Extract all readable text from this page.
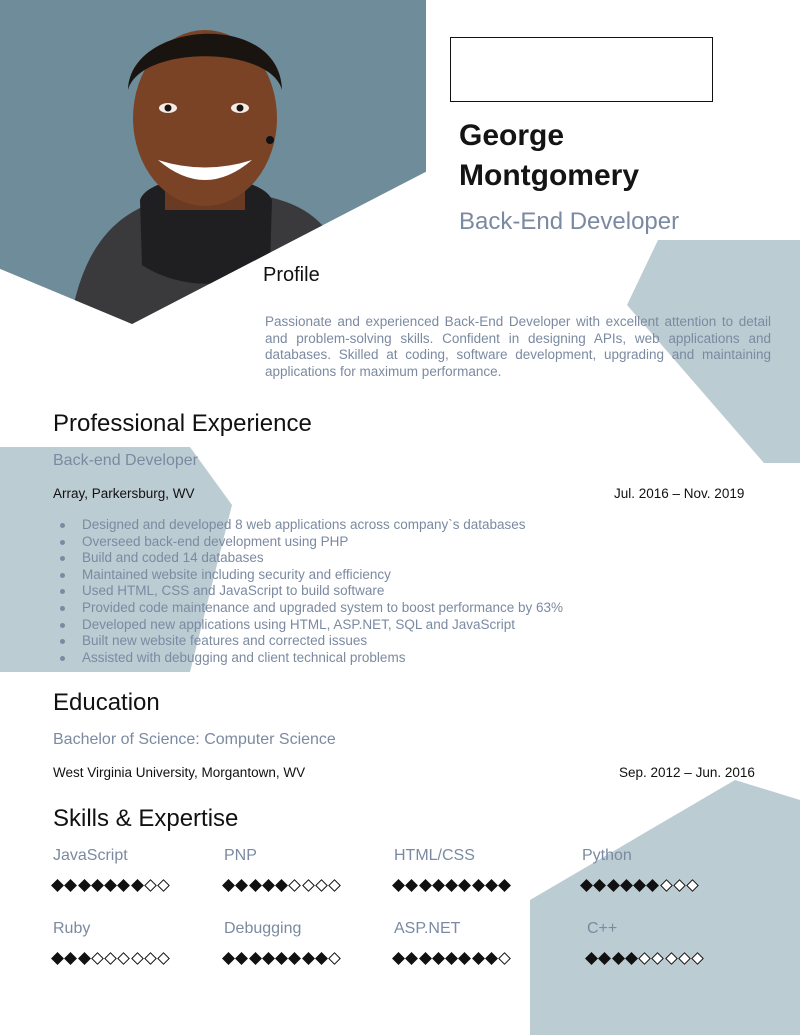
George
Montgomery
Back-End Developer
Profile
Passionate and experienced Back-End Developer with excellent attention to detail and problem-solving skills. Confident in designing APIs, web applications and databases. Skilled at coding, software development, upgrading and maintaining applications for maximum performance.
Professional Experience
Back-end Developer
Array, Parkersburg, WV	Jul. 2016 – Nov. 2019
Designed and developed 8 web applications across company`s databases
Overseed back-end development using PHP
Build and coded 14 databases
Maintained website including security and efficiency
Used HTML, CSS and JavaScript to build software
Provided code maintenance and upgraded system to boost performance by 63%
Developed new applications using HTML, ASP.NET, SQL and JavaScript
Built new website features and corrected issues
Assisted with debugging and client technical problems
Education
Bachelor of Science: Computer Science
West Virginia University, Morgantown, WV	Sep. 2012 – Jun. 2016
Skills & Expertise
JavaScript	PNP	HTML/CSS	Python
Ruby	Debugging	ASP.NET	C++
